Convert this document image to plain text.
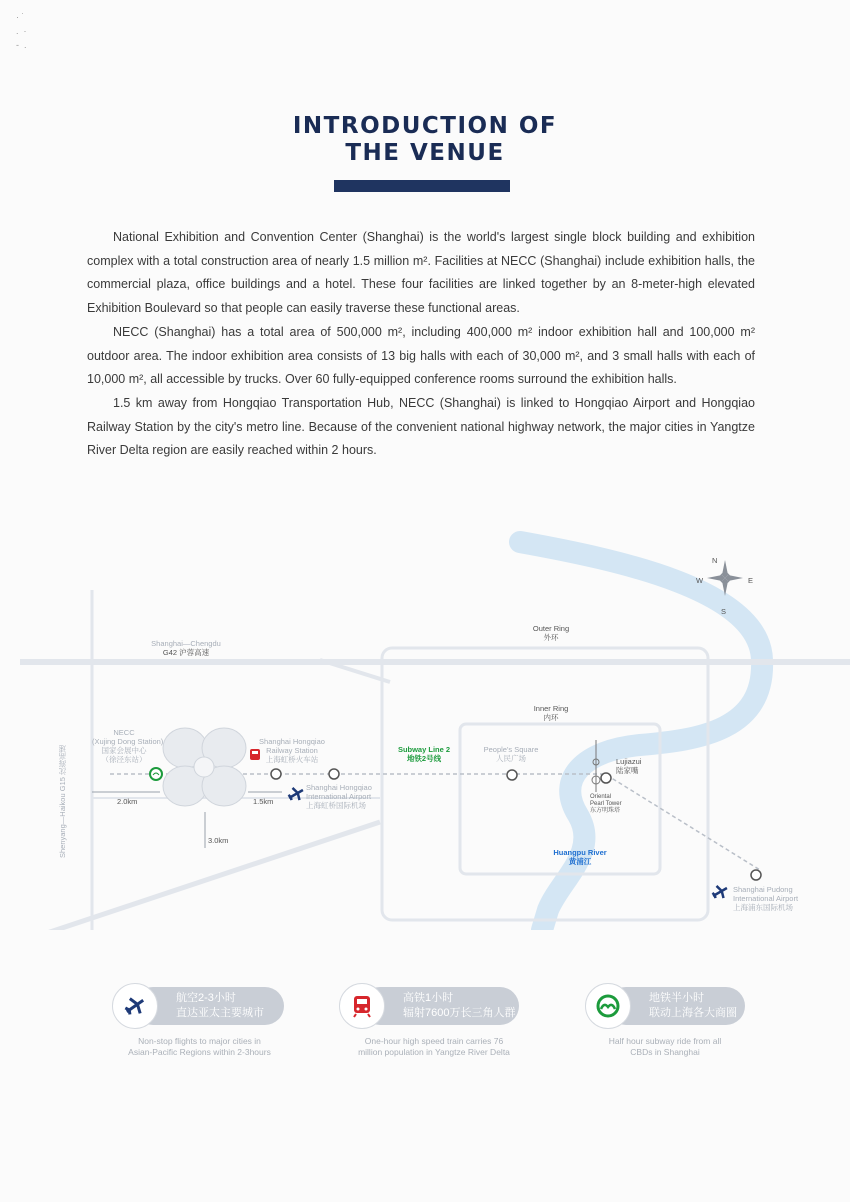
· ˙
.  ·
-  .
INTRODUCTION OF
THE VENUE

National Exhibition and Convention Center (Shanghai) is the world's largest single block building and exhibition complex with a total construction area of nearly 1.5 million m². Facilities at NECC (Shanghai) include exhibition halls, the commercial plaza, office buildings and a hotel. These four facilities are linked together by an 8-meter-high elevated Exhibition Boulevard so that people can easily traverse these functional areas.

NECC (Shanghai) has a total area of 500,000 m², including 400,000 m² indoor exhibition hall and 100,000 m² outdoor area. The indoor exhibition area consists of 13 big halls with each of 30,000 m², and 3 small halls with each of 10,000 m², all accessible by trucks. Over 60 fully-equipped conference rooms surround the exhibition halls.

1.5 km away from Hongqiao Transportation Hub, NECC (Shanghai) is linked to Hongqiao Airport and Hongqiao Railway Station by the city's metro line. Because of the convenient national highway network, the major cities in Yangtze River Delta region are easily reached within 2 hours.

N
S
E
W
Outer Ring
外环
Inner Ring
内环
Shanghai—Chengdu
G42 沪蓉高速
Shenyang—Haikou G15 沈海高速
NECC
(Xujing Dong Station)
国家会展中心
（徐泾东站）
Shanghai Hongqiao
Railway Station
上海虹桥火车站
Shanghai Hongqiao
International Airport
上海虹桥国际机场
Subway Line 2
地铁2号线
People's Square
人民广场	Lujiazui
陆家嘴
Oriental
Pearl Tower
东方明珠塔
Huangpu River
黄浦江
Shanghai Pudong
International Airport
上海浦东国际机场
2.0km	1.5km
3.0km
航空2-3小时
直达亚太主要城市
Non-stop flights to major cities in
Asian-Pacific Regions within 2-3hours
高铁1小时
辐射7600万长三角人群
One-hour high speed train carries 76
million population in Yangtze River Delta
地铁半小时
联动上海各大商圈
Half hour subway ride from all
CBDs in Shanghai
